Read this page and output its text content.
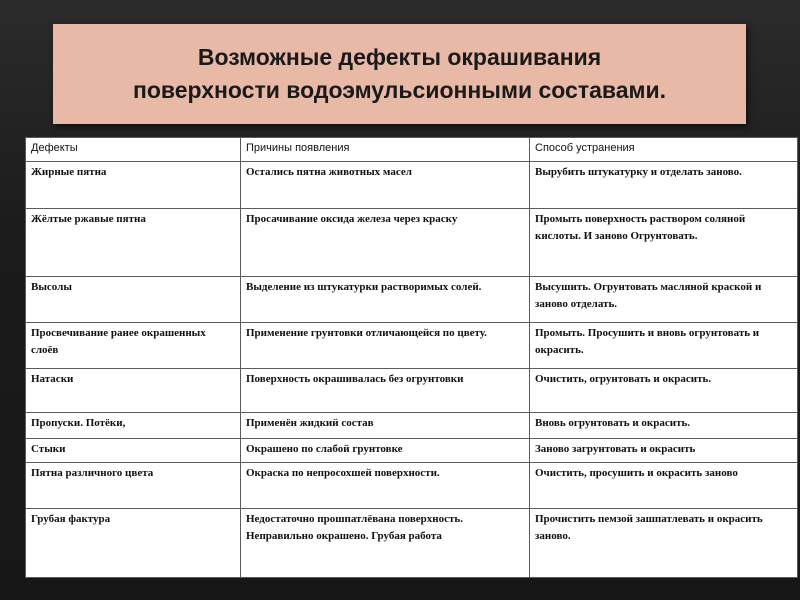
Возможные дефекты окрашивания
поверхности водоэмульсионными составами.
Дефекты	Причины появления	Способ устранения
Жирные пятна	Остались пятна животных масел	Вырубить штукатурку и отделать заново.
Жёлтые ржавые пятна	Просачивание оксида железа через краску	Промыть поверхность раствором соляной кислоты. И заново Огрунтовать.
Высолы	Выделение из штукатурки растворимых солей.	Высушить. Огрунтовать масляной краской и заново отделать.
Просвечивание ранее окрашенных слоёв	Применение грунтовки отличающейся по цвету.	Промыть. Просушить и вновь огрунтовать и окрасить.
Натаски	Поверхность окрашивалась без огрунтовки	Очистить, огрунтовать и окрасить.
Пропуски. Потёки,	Применён жидкий состав	Вновь огрунтовать и окрасить.
Стыки	Окрашено по слабой грунтовке	Заново загрунтовать и окрасить
Пятна различного цвета	Окраска по непросохшей поверхности.	Очистить, просушить и окрасить заново
Грубая фактура	Недостаточно прошпатлёвана поверхность. Неправильно окрашено. Грубая работа	Прочистить пемзой зашпатлевать и окрасить заново.
